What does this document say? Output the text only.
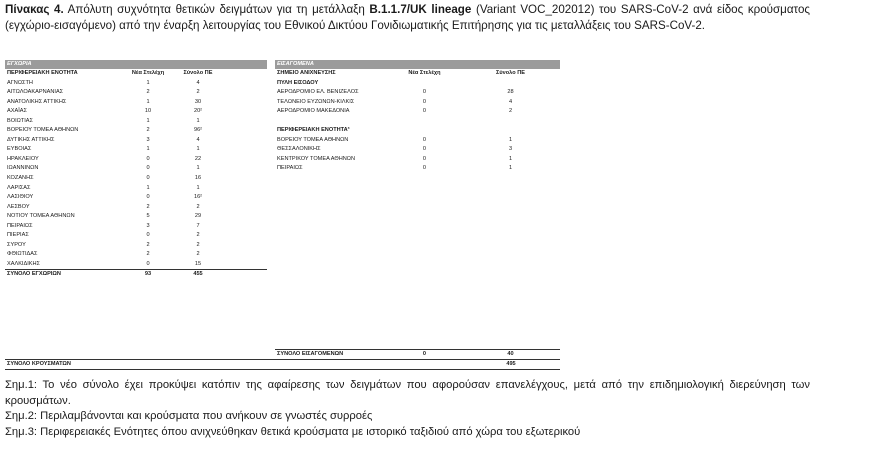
Πίνακας 4. Απόλυτη συχνότητα θετικών δειγμάτων για τη μετάλλαξη B.1.1.7/UK lineage (Variant VOC_202012) του SARS-CoV-2 ανά είδος κρούσματος (εγχώριο-εισαγόμενο) από την έναρξη λειτουργίας του Εθνικού Δικτύου Γονιδιωματικής Επιτήρησης για τις μεταλλάξεις του SARS-CoV-2.
ΕΓΧΩΡΙΑ
ΠΕΡΙΦΕΡΕΙΑΚΗ ΕΝΟΤΗΤΑ	Νέα Στελέχη	Σύνολο ΠΕ
ΑΓΝΩΣΤΗ	1	4
ΑΙΤΩΛΟΑΚΑΡΝΑΝΙΑΣ	2	2
ΑΝΑΤΟΛΙΚΗΣ ΑΤΤΙΚΗΣ	1	30
ΑΧΑΪΑΣ	10	20²
ΒΟΙΩΤΙΑΣ	1	1
ΒΟΡΕΙΟΥ ΤΟΜΕΑ ΑΘΗΝΩΝ	2	96²
ΔΥΤΙΚΗΣ ΑΤΤΙΚΗΣ	3	4
ΕΥΒΟΙΑΣ	1	1
ΗΡΑΚΛΕΙΟΥ	0	22
ΙΩΑΝΝΙΝΩΝ	0	1
ΚΟΖΑΝΗΣ	0	16
ΛΑΡΙΣΑΣ	1	1
ΛΑΣΙΘΙΟΥ	0	16²
ΛΕΣΒΟΥ	2	2
ΝΟΤΙΟΥ ΤΟΜΕΑ ΑΘΗΝΩΝ	5	29
ΠΕΙΡΑΙΩΣ	3	7
ΠΙΕΡΙΑΣ	0	2
ΣΥΡΟΥ	2	2
ΦΘΙΩΤΙΔΑΣ	2	2
ΧΑΛΚΙΔΙΚΗΣ	0	15
ΣΥΝΟΛΟ ΕΓΧΩΡΙΩΝ	93	455
ΕΙΣΑΓΟΜΕΝΑ
ΣΗΜΕΙΟ ΑΝΙΧΝΕΥΣΗΣ	Νέα Στελέχη	Σύνολο ΠΕ
ΠΥΛΗ ΕΙΣΟΔΟΥ
ΑΕΡΟΔΡΟΜΙΟ ΕΛ. ΒΕΝΙΖΕΛΟΣ	0	28
ΤΕΛΩΝΕΙΟ ΕΥΖΩΝΩΝ-ΚΙΛΚΙΣ	0	4
ΑΕΡΟΔΡΟΜΙΟ ΜΑΚΕΔΟΝΙΑ	0	2
ΠΕΡΙΦΕΡΕΙΑΚΗ ΕΝΟΤΗΤΑ³
ΒΟΡΕΙΟΥ ΤΟΜΕΑ ΑΘΗΝΩΝ	0	1
ΘΕΣΣΑΛΟΝΙΚΗΣ	0	3
ΚΕΝΤΡΙΚΟΥ ΤΟΜΕΑ ΑΘΗΝΩΝ	0	1
ΠΕΙΡΑΙΩΣ	0	1
ΣΥΝΟΛΟ ΕΙΣΑΓΟΜΕΝΩΝ	0	40
ΣΥΝΟΛΟ ΚΡΟΥΣΜΑΤΩΝ	495

Σημ.1: Το νέο σύνολο έχει προκύψει κατόπιν της αφαίρεσης των δειγμάτων που αφορούσαν επανελέγχους, μετά από την επιδημιολογική διερεύνηση των κρουσμάτων.

Σημ.2: Περιλαμβάνονται και κρούσματα που ανήκουν σε γνωστές συρροές

Σημ.3: Περιφερειακές Ενότητες όπου ανιχνεύθηκαν θετικά κρούσματα με ιστορικό ταξιδιού από χώρα του εξωτερικού
